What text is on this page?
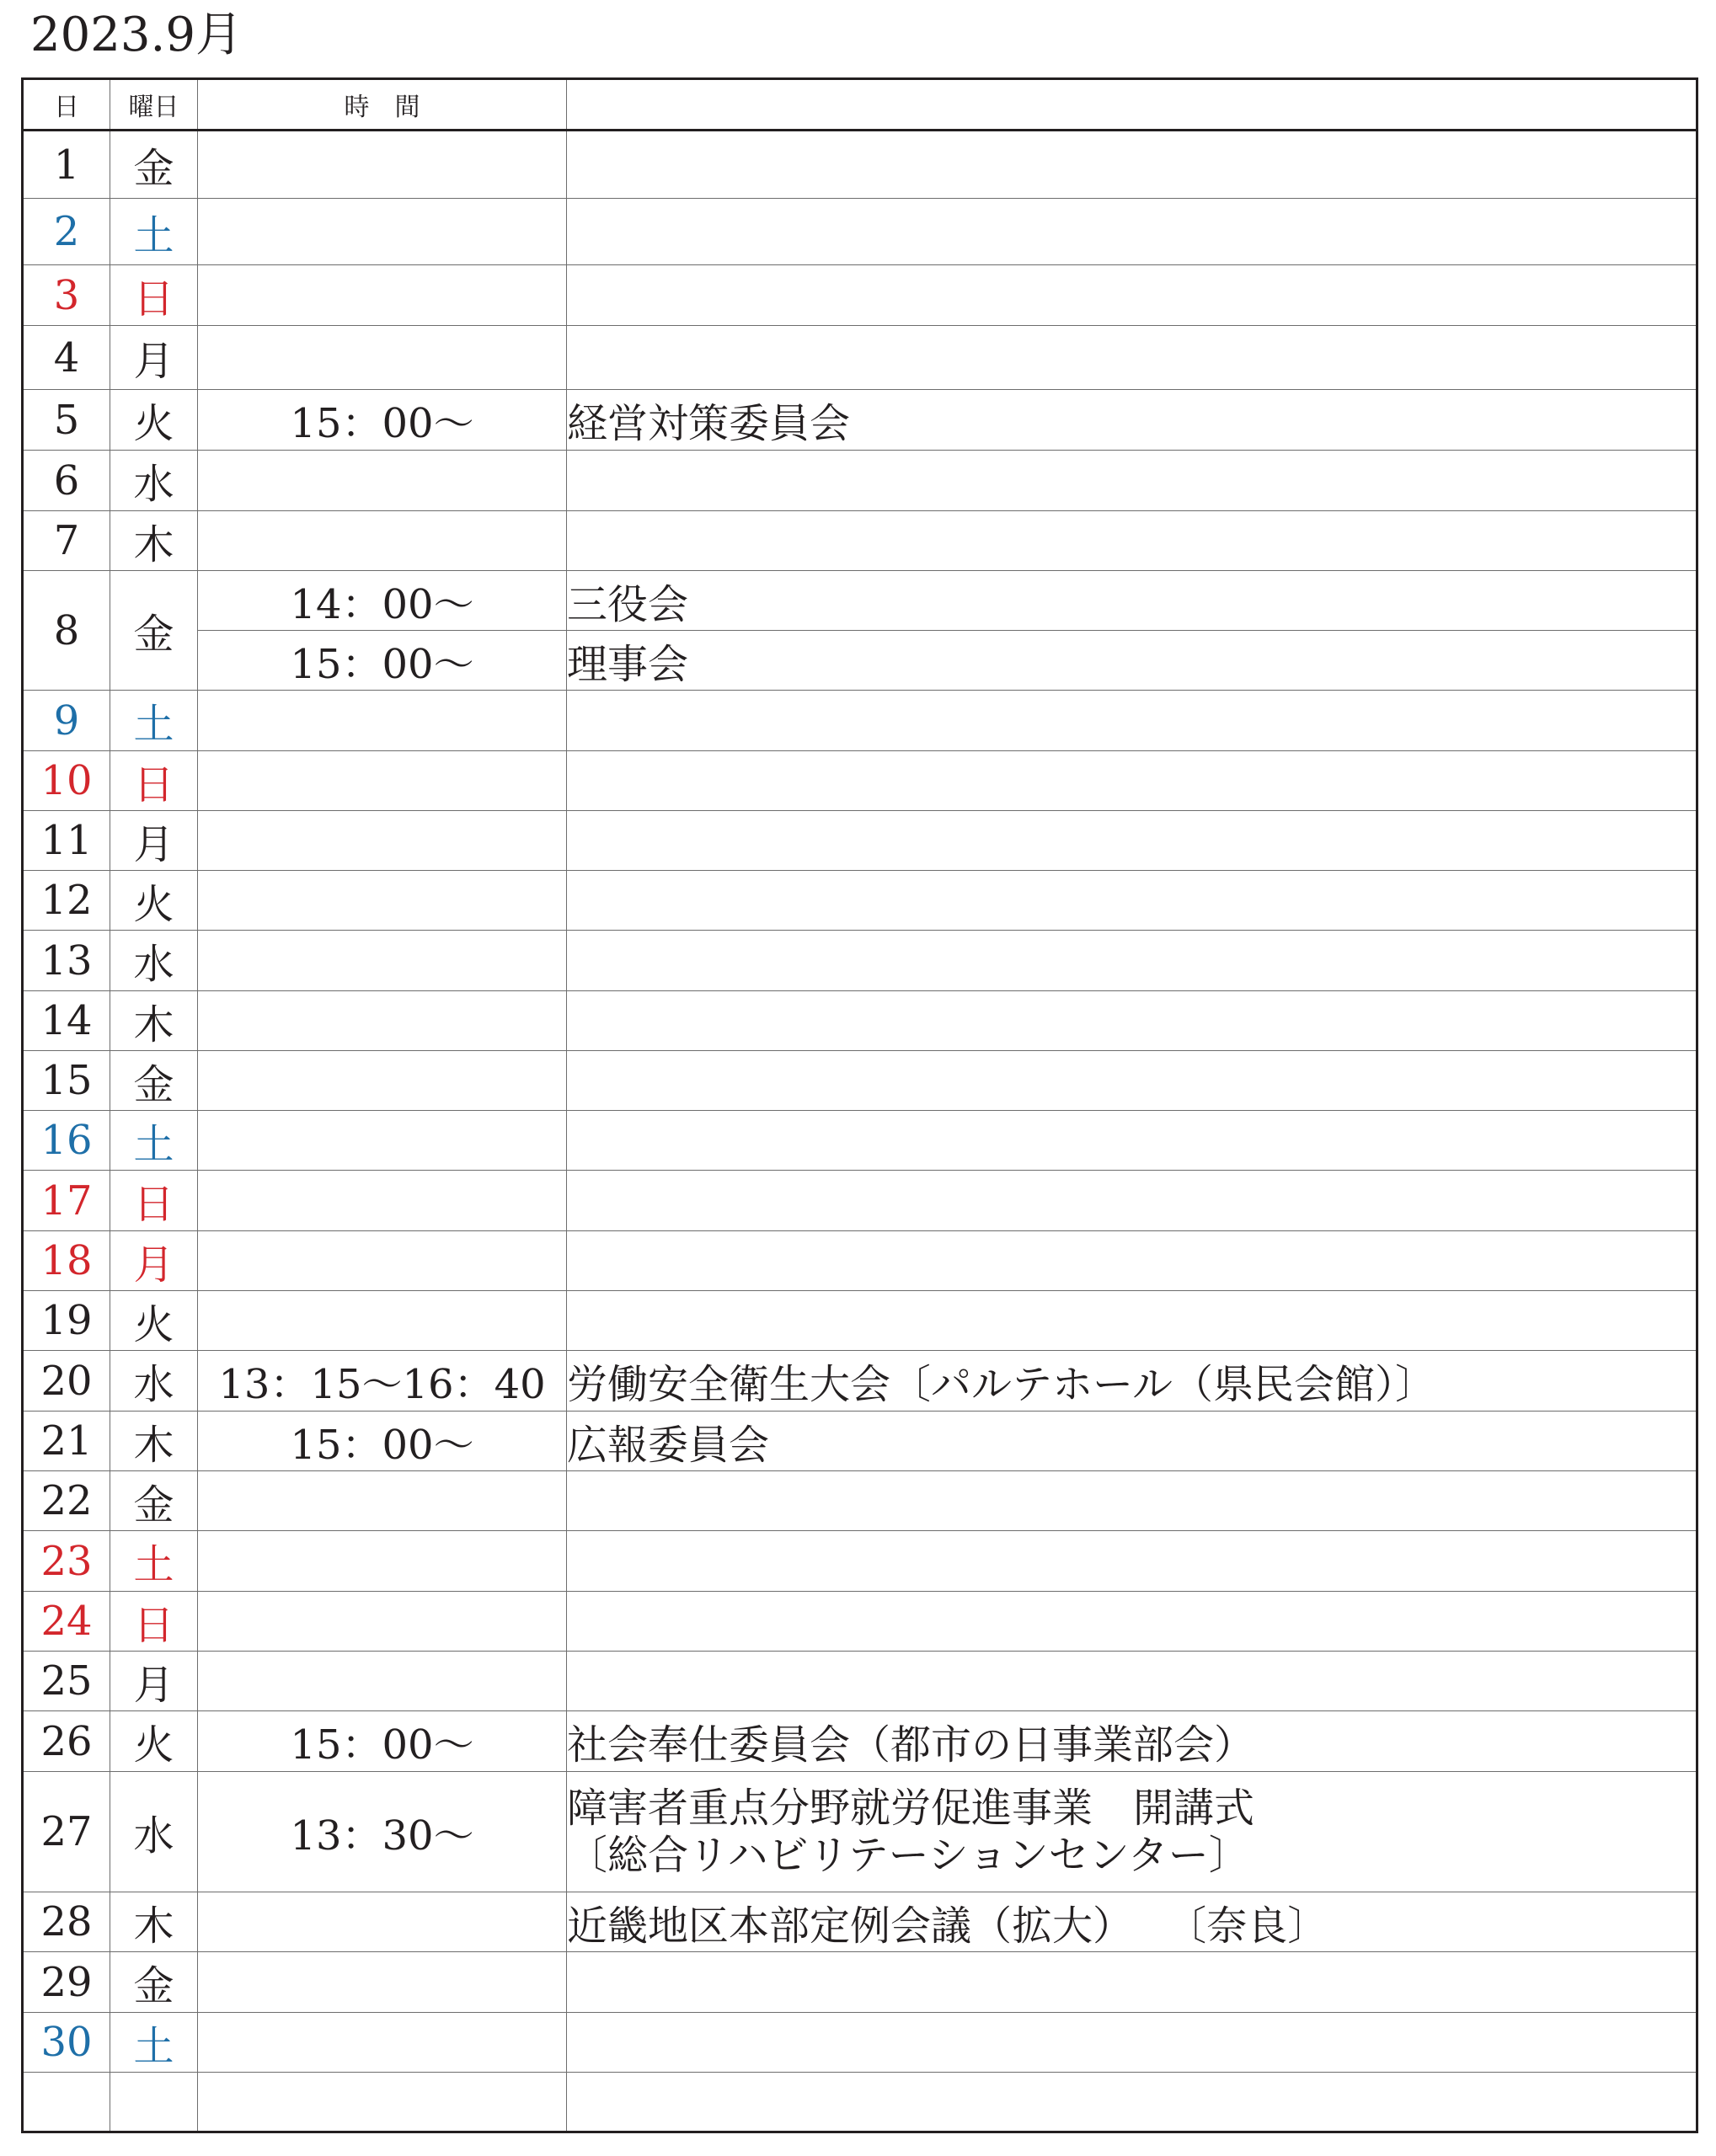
2023.9月
日	曜日	時　間	
1	金		
2	土		
3	日		
4	月		
5	火	15：00～	経営対策委員会
6	水		
7	木		
8	金	14：00～	三役会
		15：00～	理事会
9	土		
10	日		
11	月		
12	火		
13	水		
14	木		
15	金		
16	土		
17	日		
18	月		
19	火		
20	水	13：15～16：40	労働安全衛生大会〔パルテホール（県民会館）〕
21	木	15：00～	広報委員会
22	金		
23	土		
24	日		
25	月		
26	火	15：00～	社会奉仕委員会（都市の日事業部会）
27	水	13：30～	障害者重点分野就労促進事業　開講式
〔総合リハビリテーションセンター〕

28	木		近畿地区本部定例会議（拡大）　 〔奈良〕
29	金		
30	土		
